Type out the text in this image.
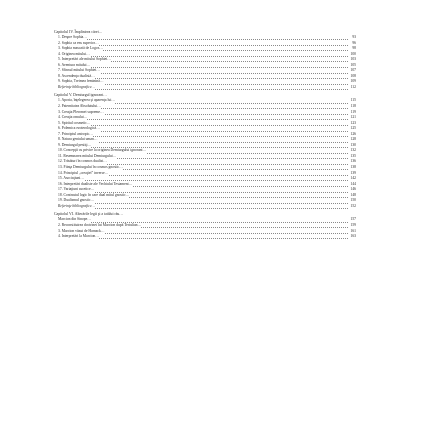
Capitolul IV. Împlinirea cărei…
1. Despre Sophia…	93
2. Sophia ca ens superior…	96
3. Sophia mascată de Logos…	98
4. Originea mitului…	100
5. Interpretări ale mitului Sophiei…	103
6. Aventura mitului…	105
7. Sfinxul mitului Sophiei…	107
8. Ascendenţa dualistă…	108
9. Sophia, Treimea feminină…	109
Referinţe bibliografice…	112
Capitolul V. Demiurgul ignorant…
1. Aporia, înţelegerea şi aparenţa lui…	115
2. Paternitatea Absolutului…	118
3. Creaţia Pleromei supreme…	119
4. Creaţia omului…	121
5. Spiritul cosmetic…	123
6. Polemica ezoterologică…	125
7. Principiul antropic…	126
8. Natura geniului uman…	128
9. Demiurgul pestiţi…	130
10. Concepţii cu privire la originea Demiurgului ignorant…	132
11. Resemnarea mitului Demiurgului…	135
12. Trăsături în cosmos dualist…	136
13. Fiinţa Demiurgului în cosmos gnostic…	138
14. Principiul „creaţiei” inverse…	139
15. Asociaţiuni…	142
16. Interpretări dualiste ale Vechiului Testament…	144
17. Variaţiuni ascetice…	146
18. Contrastul logic în care dual mitul gnostic…	148
19. Dualismul gnostic…	150
Referinţe bibliografice…	152
Capitolul VI. Alterările legii şi a tatălui rău…
Marcion din Sinope…	157
2. Reconstituirea doctrinei lui Marcion după Tertulian…	159
3. Marcion văzut de Harnack…	161
4. Interpretări la Marcion…	163
